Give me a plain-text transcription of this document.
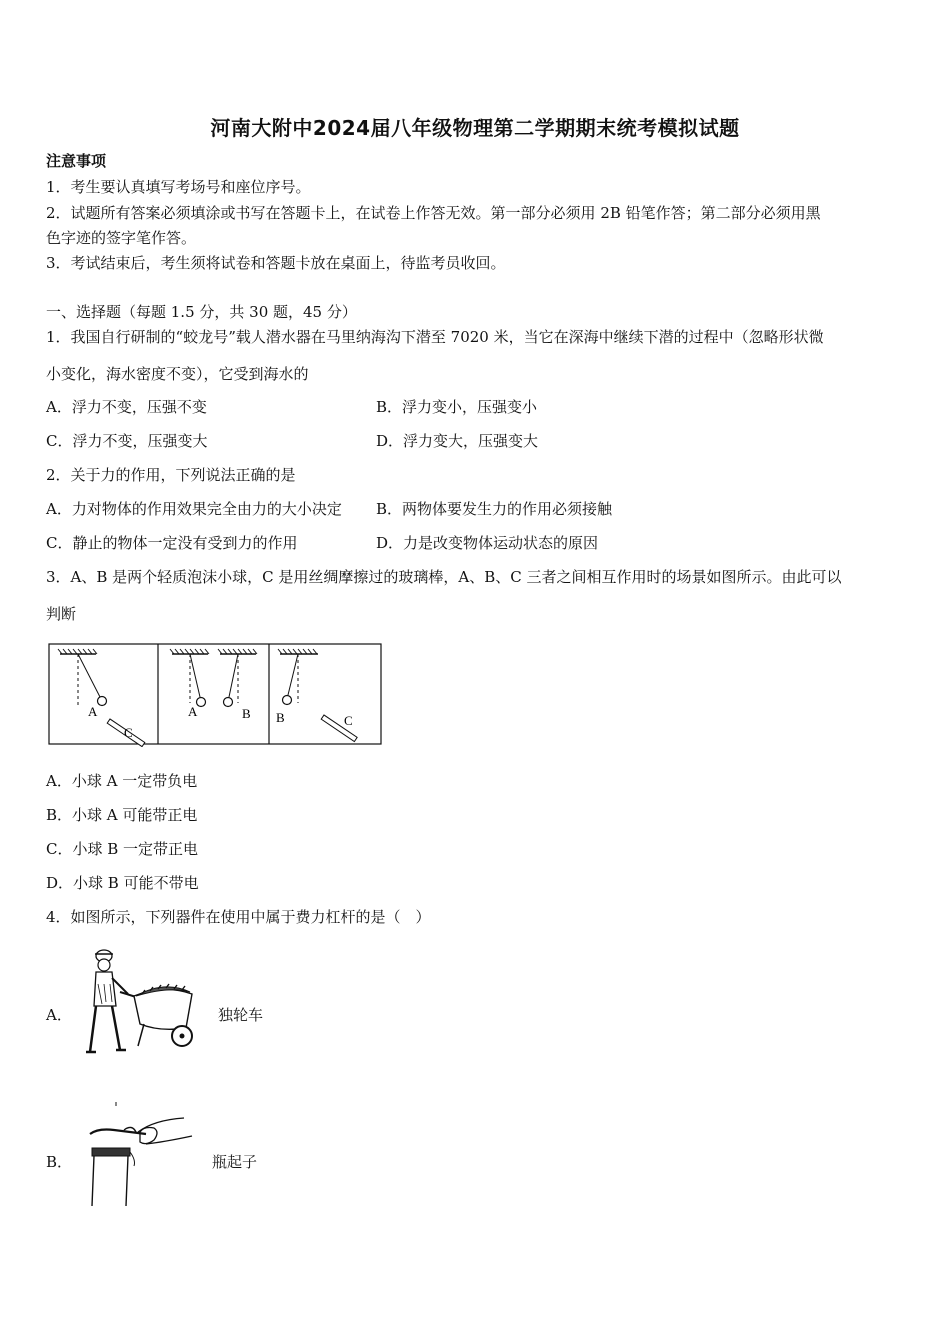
河南大附中2024届八年级物理第二学期期末统考模拟试题
注意事项
1．考生要认真填写考场号和座位序号。
2．试题所有答案必须填涂或书写在答题卡上，在试卷上作答无效。第一部分必须用 2B 铅笔作答；第二部分必须用黑
色字迹的签字笔作答。
3．考试结束后，考生须将试卷和答题卡放在桌面上，待监考员收回。
一、选择题（每题 1.5 分，共 30 题，45 分）
1．我国自行研制的“蛟龙号”载人潜水器在马里纳海沟下潜至 7020 米，当它在深海中继续下潜的过程中（忽略形状微
小变化，海水密度不变），它受到海水的
A．浮力不变，压强不变	B．浮力变小，压强变小
C．浮力不变，压强变大	D．浮力变大，压强变大
2．关于力的作用，下列说法正确的是
A．力对物体的作用效果完全由力的大小决定 B．两物体要发生力的作用必须接触
C．静止的物体一定没有受到力的作用	D．力是改变物体运动状态的原因
3．A、B 是两个轻质泡沫小球，C 是用丝绸摩擦过的玻璃棒，A、B、C 三者之间相互作用时的场景如图所示。由此可以
判断
A
C
A	B B	C
A．小球 A 一定带负电
B．小球 A 可能带正电
C．小球 B 一定带正电
D．小球 B 可能不带电
4．如图所示，下列器件在使用中属于费力杠杆的是（　）
A．	独轮车
B．	瓶起子
